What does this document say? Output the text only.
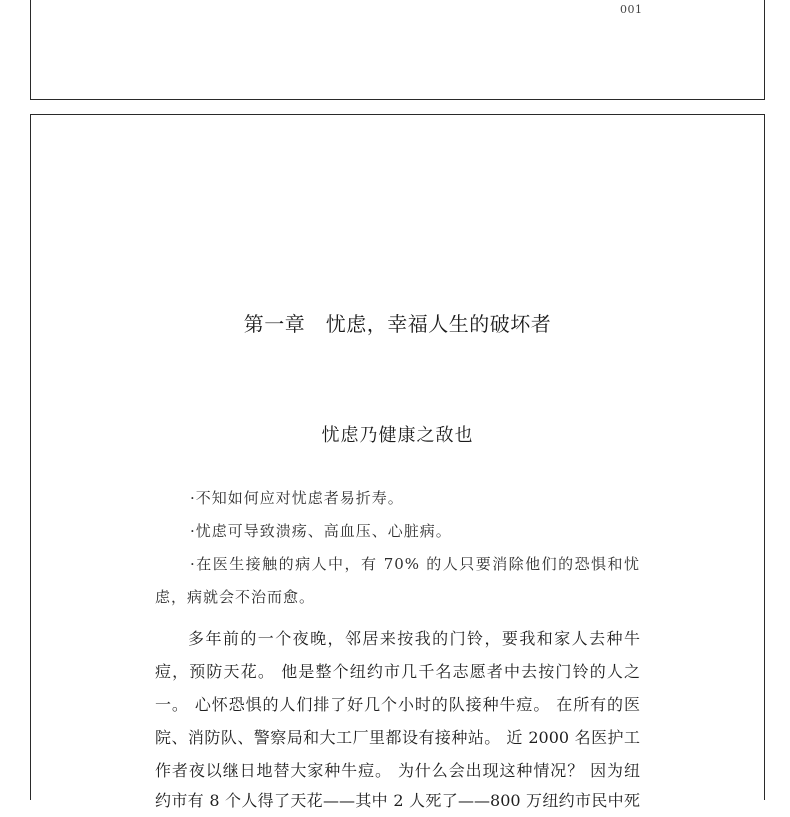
001
第一章　忧虑，幸福人生的破坏者
忧虑乃健康之敌也
·不知如何应对忧虑者易折寿。
·忧虑可导致溃疡、高血压、心脏病。
·在医生接触的病人中，有 70% 的人只要消除他们的恐惧和忧
虑，病就会不治而愈。
多年前的一个夜晚，邻居来按我的门铃，要我和家人去种牛
痘，预防天花。 他是整个纽约市几千名志愿者中去按门铃的人之
一。 心怀恐惧的人们排了好几个小时的队接种牛痘。 在所有的医
院、消防队、警察局和大工厂里都设有接种站。 近 2000 名医护工
作者夜以继日地替大家种牛痘。 为什么会出现这种情况？ 因为纽
约市有 8 个人得了天花——其中 2 人死了——800 万纽约市民中死
